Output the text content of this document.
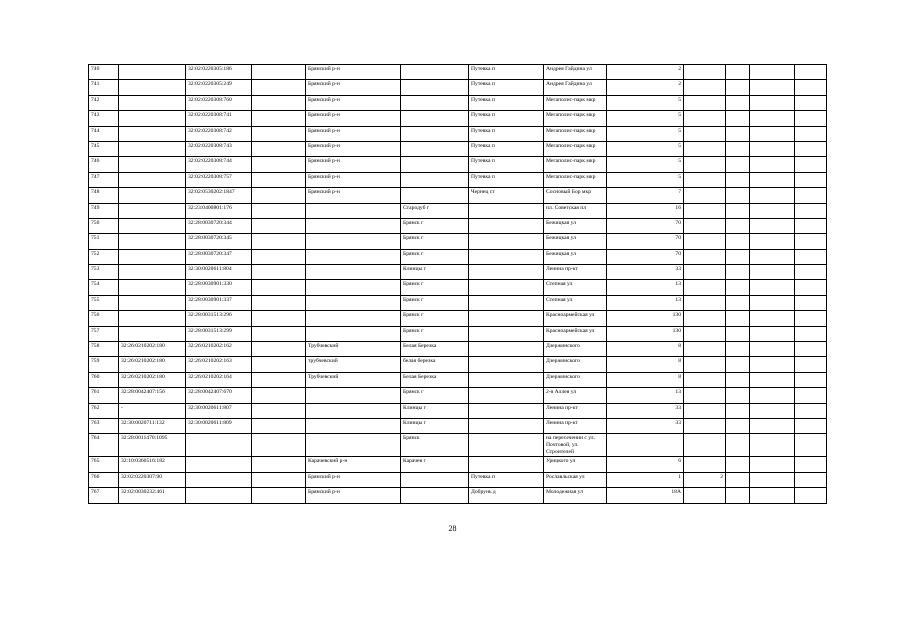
740		32:02:0220305:186		Брянский р-н		Путевка п	Андрея Гайдина ул	2				
741		32:02:0220305:249		Брянский р-н		Путевка п	Андрея Гайдина ул	2				
742		32:02:0220308:760		Брянский р-н		Путевка п	Мегаполис-парк мкр	5				
743		32:02:0220308:741		Брянский р-н		Путевка п	Мегаполис-парк мкр	5				
744		32:02:0220308:742		Брянский р-н		Путевка п	Мегаполис-парк мкр	5				
745		32:02:0220308:743		Брянский р-н		Путевка п	Мегаполис-парк мкр	5				
746		32:02:0220308:744		Брянский р-н		Путевка п	Мегаполис-парк мкр	5				
747		32:02:0220308:757		Брянский р-н		Путевка п	Мегаполис-парк мкр	5				
748		32:02:0530202:1847		Брянский р-н		Чернец ст	Сосновый Бор мкр	7				
749		32:23:0400801:176			Стародуб г		пл. Советская пл	16				
750		32:28:0030720:344			Брянск г		Бежицкая ул	70				
751		32:28:0030720:345			Брянск г		Бежицкая ул	70				
752		32:28:0030720:347			Брянск г		Бежицкая ул	70				
753		32:30:0020611:804			Клинцы г		Ленина пр-кт	33				
754		32:28:0030901:330			Брянск г		Степная ул	13				
755		32:28:0030901:337			Брянск г		Степная ул	13				
756		32:28:0031513:296			Брянск г		Красноармейская ул	130				
757		32:28:0031513:299			Брянск г		Красноармейская ул	130				
758	32:26:0210202:180	32:26:0210202:162		Трубчевский	Белая Березка		Дзержинского	8				
759	32:26:0210202:180	32:26:0210202:163		трубчевский	белая березка		Дзержинского	8				
760	32:26:0210202:180	32:26:0210202:164		Трубчевский	Белая Березка		Дзержинского	8				
761	32:28:0042407:156	32:28:0042407:670			Брянск г		2-я Аллея ул	13				
762	-	32:30:0020611:807			Клинцы г		Ленина пр-кт	33				
763	32:30:0020711:132	32:30:0020611:809			Клинцы г		Ленина пр-кт	33				
764	32:28:0011470:1095				Брянск		на пересечении с ул. Почтовой, ул. Строителей					
765	32:10:0360516:182			Карачевский р-н	Карачев г		Урицкого ул	6				
766	32:02:0220307:90			Брянский р-н		Путевка п	Рославльская ул	1	2			
767	32:02:0030232:461			Брянский р-н		Добрунь д	Молодежная ул	18А				
28
